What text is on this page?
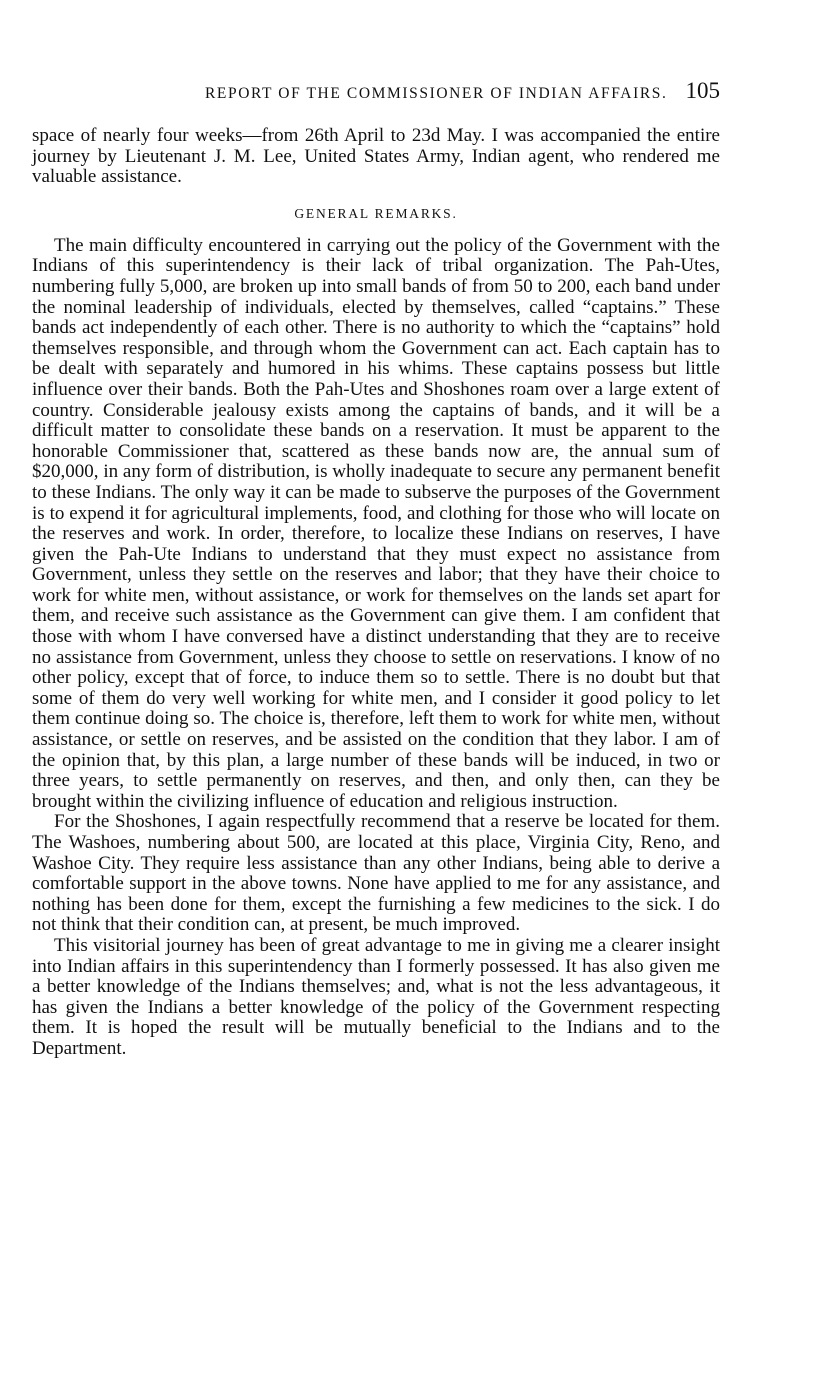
REPORT OF THE COMMISSIONER OF INDIAN AFFAIRS. 105

space of nearly four weeks—from 26th April to 23d May. I was accompanied the entire journey by Lieutenant J. M. Lee, United States Army, Indian agent, who rendered me valuable assistance.

GENERAL REMARKS.

The main difficulty encountered in carrying out the policy of the Government with the Indians of this superintendency is their lack of tribal organization. The Pah-Utes, numbering fully 5,000, are broken up into small bands of from 50 to 200, each band under the nominal leadership of individuals, elected by themselves, called “captains.” These bands act independently of each other. There is no authority to which the “captains” hold themselves responsible, and through whom the Government can act. Each captain has to be dealt with separately and humored in his whims. These captains possess but little influence over their bands. Both the Pah-Utes and Shoshones roam over a large extent of country. Considerable jealousy exists among the captains of bands, and it will be a difficult matter to consolidate these bands on a reservation. It must be apparent to the honorable Commissioner that, scattered as these bands now are, the annual sum of $20,000, in any form of distribution, is wholly inadequate to secure any permanent benefit to these Indians. The only way it can be made to subserve the purposes of the Government is to expend it for agricultural implements, food, and clothing for those who will locate on the reserves and work. In order, therefore, to localize these Indians on reserves, I have given the Pah-Ute Indians to understand that they must expect no assistance from Government, unless they settle on the reserves and labor; that they have their choice to work for white men, without assistance, or work for themselves on the lands set apart for them, and receive such assistance as the Government can give them. I am confident that those with whom I have conversed have a distinct understanding that they are to receive no assistance from Government, unless they choose to settle on reservations. I know of no other policy, except that of force, to induce them so to settle. There is no doubt but that some of them do very well working for white men, and I consider it good policy to let them continue doing so. The choice is, therefore, left them to work for white men, without assistance, or settle on reserves, and be assisted on the condition that they labor. I am of the opinion that, by this plan, a large number of these bands will be induced, in two or three years, to settle permanently on reserves, and then, and only then, can they be brought within the civilizing influence of education and religious instruction.

For the Shoshones, I again respectfully recommend that a reserve be located for them. The Washoes, numbering about 500, are located at this place, Virginia City, Reno, and Washoe City. They require less assistance than any other Indians, being able to derive a comfortable support in the above towns. None have applied to me for any assistance, and nothing has been done for them, except the furnishing a few medicines to the sick. I do not think that their condition can, at present, be much improved.

This visitorial journey has been of great advantage to me in giving me a clearer insight into Indian affairs in this superintendency than I formerly possessed. It has also given me a better knowledge of the Indians themselves; and, what is not the less advantageous, it has given the Indians a better knowledge of the policy of the Government respecting them. It is hoped the result will be mutually beneficial to the Indians and to the Department.
